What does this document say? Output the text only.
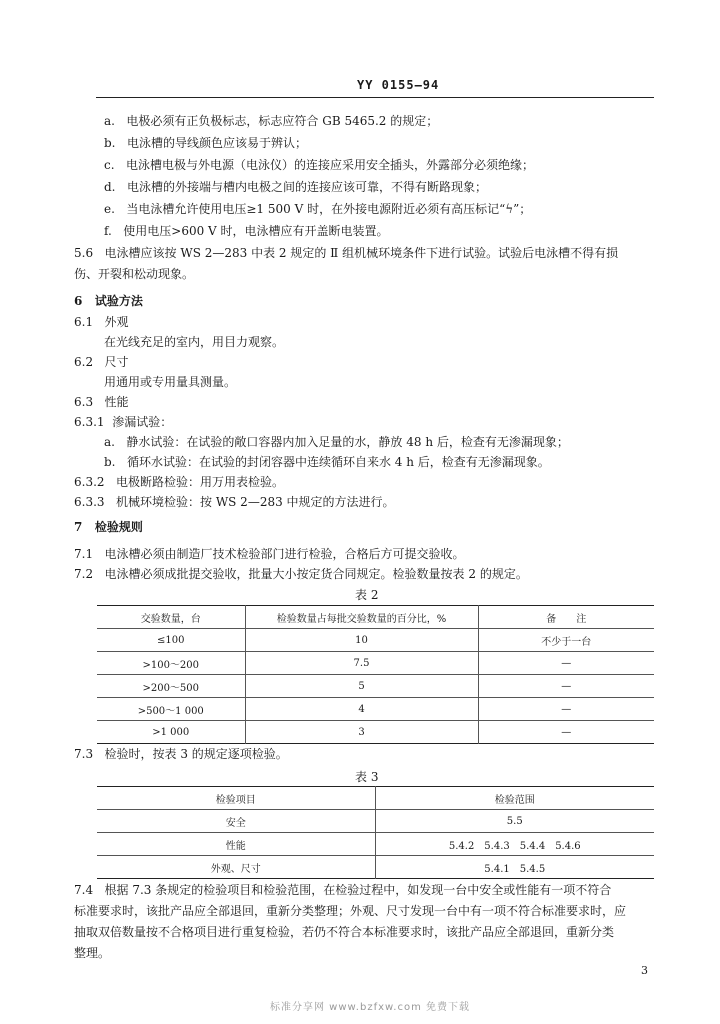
YY 0155—94
a. 电极必须有正负极标志，标志应符合 GB 5465.2 的规定；
b. 电泳槽的导线颜色应该易于辨认；
c. 电泳槽电极与外电源（电泳仪）的连接应采用安全插头，外露部分必须绝缘；
d. 电泳槽的外接端与槽内电极之间的连接应该可靠，不得有断路现象；
e. 当电泳槽允许使用电压≥1 500 V 时，在外接电源附近必须有高压标记“ϟ”；
f. 使用电压>600 V 时，电泳槽应有开盖断电装置。
5.6 电泳槽应该按 WS 2—283 中表 2 规定的 Ⅱ 组机械环境条件下进行试验。试验后电泳槽不得有损
伤、开裂和松动现象。
6 试验方法
6.1 外观
在光线充足的室内，用目力观察。
6.2 尺寸
用通用或专用量具测量。
6.3 性能
6.3.1 渗漏试验：
a. 静水试验：在试验的敞口容器内加入足量的水，静放 48 h 后，检查有无渗漏现象；
b. 循环水试验：在试验的封闭容器中连续循环自来水 4 h 后，检查有无渗漏现象。
6.3.2 电极断路检验：用万用表检验。
6.3.3 机械环境检验：按 WS 2—283 中规定的方法进行。
7 检验规则
7.1 电泳槽必须由制造厂技术检验部门进行检验，合格后方可提交验收。
7.2 电泳槽必须成批提交验收，批量大小按定货合同规定。检验数量按表 2 的规定。
表 2
交验数量，台	检验数量占每批交验数量的百分比，%	备　　注
≤100	10	不少于一台
>100～200	7.5	—
>200～500	5	—
>500～1 000	4	—
>1 000	3	—
7.3 检验时，按表 3 的规定逐项检验。
表 3
检验项目	检验范围
安全	5.5
性能	5.4.2　5.4.3　5.4.4　5.4.6
外观、尺寸	5.4.1　5.4.5
7.4 根据 7.3 条规定的检验项目和检验范围，在检验过程中，如发现一台中安全或性能有一项不符合
标准要求时，该批产品应全部退回，重新分类整理；外观、尺寸发现一台中有一项不符合标准要求时，应
抽取双倍数量按不合格项目进行重复检验，若仍不符合本标准要求时，该批产品应全部退回，重新分类
整理。
3
标准分享网 www.bzfxw.com 免费下载
